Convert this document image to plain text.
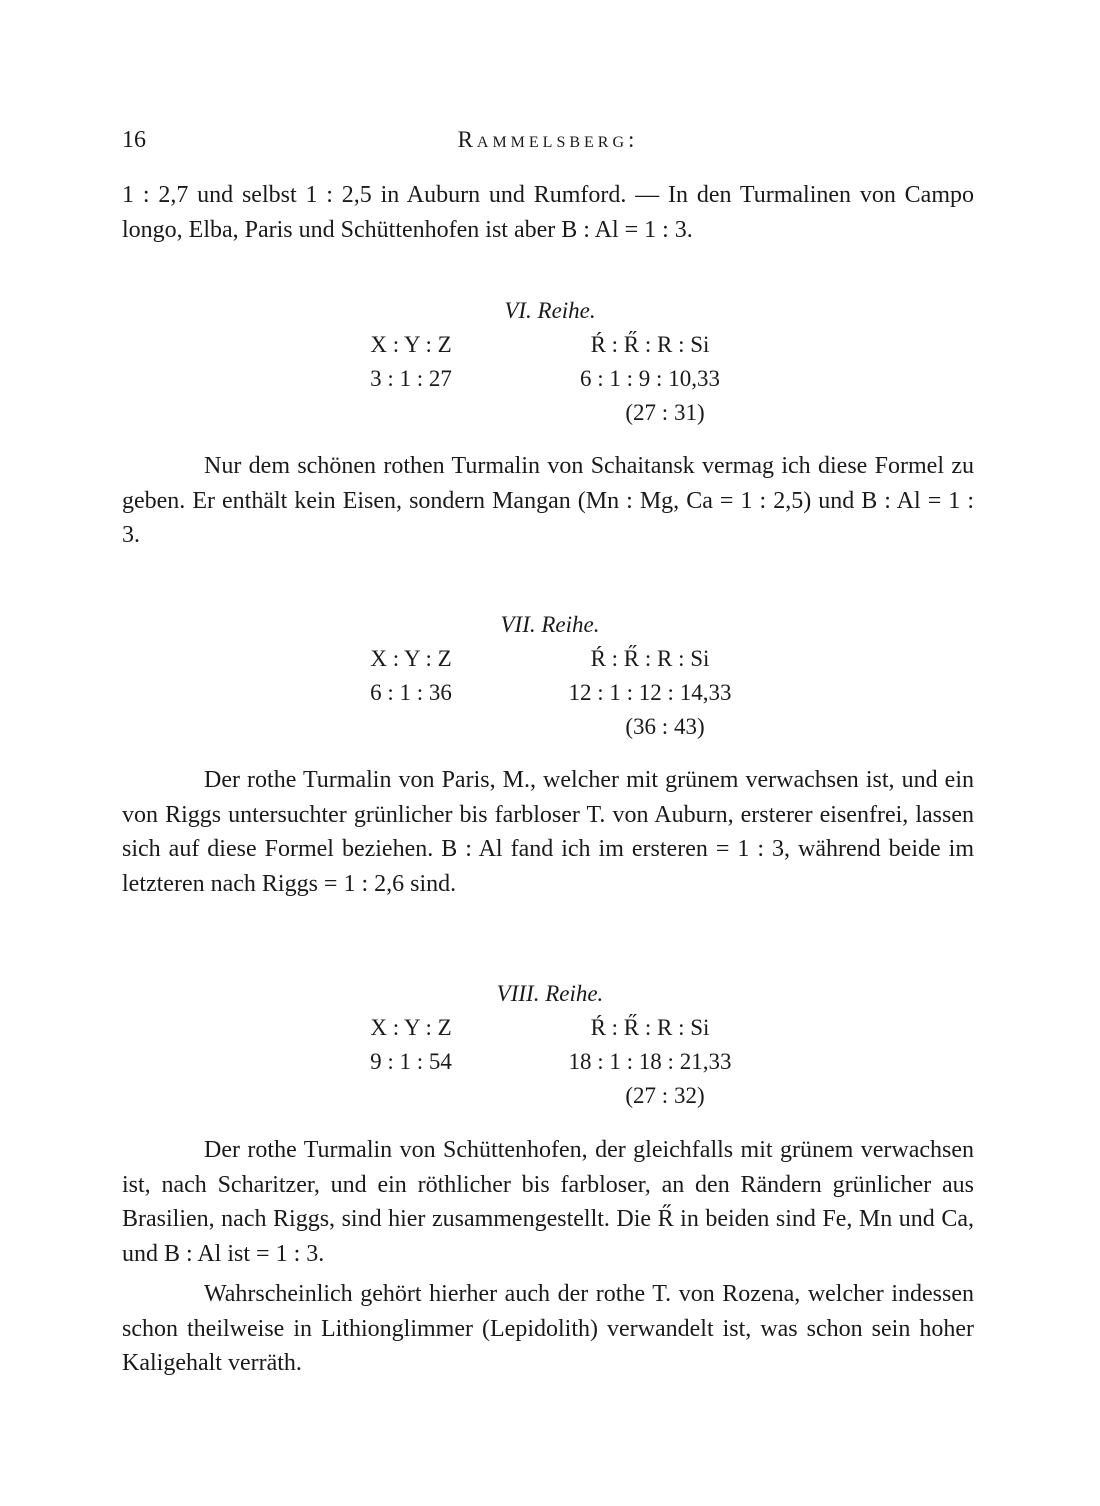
16	Rammelsberg:

1 : 2,7 und selbst 1 : 2,5 in Auburn und Rumford. — In den Turmalinen von Campo longo, Elba, Paris und Schüttenhofen ist aber B : Al = 1 : 3.

VI. Reihe.
X : Y : Z	Ŕ : R̋ : R : Si
3 : 1 : 27	6 : 1 : 9 : 10,33
(27 : 31)

Nur dem schönen rothen Turmalin von Schaitansk vermag ich diese Formel zu geben. Er enthält kein Eisen, sondern Mangan (Mn : Mg, Ca = 1 : 2,5) und B : Al = 1 : 3.

VII. Reihe.
X : Y : Z	Ŕ : R̋ : R : Si
6 : 1 : 36	12 : 1 : 12 : 14,33
(36 : 43)

Der rothe Turmalin von Paris, M., welcher mit grünem verwachsen ist, und ein von Riggs untersuchter grünlicher bis farbloser T. von Auburn, ersterer eisenfrei, lassen sich auf diese Formel beziehen. B : Al fand ich im ersteren = 1 : 3, während beide im letzteren nach Riggs = 1 : 2,6 sind.

VIII. Reihe.
X : Y : Z	Ŕ : R̋ : R : Si
9 : 1 : 54	18 : 1 : 18 : 21,33
(27 : 32)

Der rothe Turmalin von Schüttenhofen, der gleichfalls mit grünem verwachsen ist, nach Scharitzer, und ein röthlicher bis farbloser, an den Rändern grünlicher aus Brasilien, nach Riggs, sind hier zusammengestellt. Die R̋ in beiden sind Fe, Mn und Ca, und B : Al ist = 1 : 3.

Wahrscheinlich gehört hierher auch der rothe T. von Rozena, welcher indessen schon theilweise in Lithionglimmer (Lepidolith) verwandelt ist, was schon sein hoher Kaligehalt verräth.
